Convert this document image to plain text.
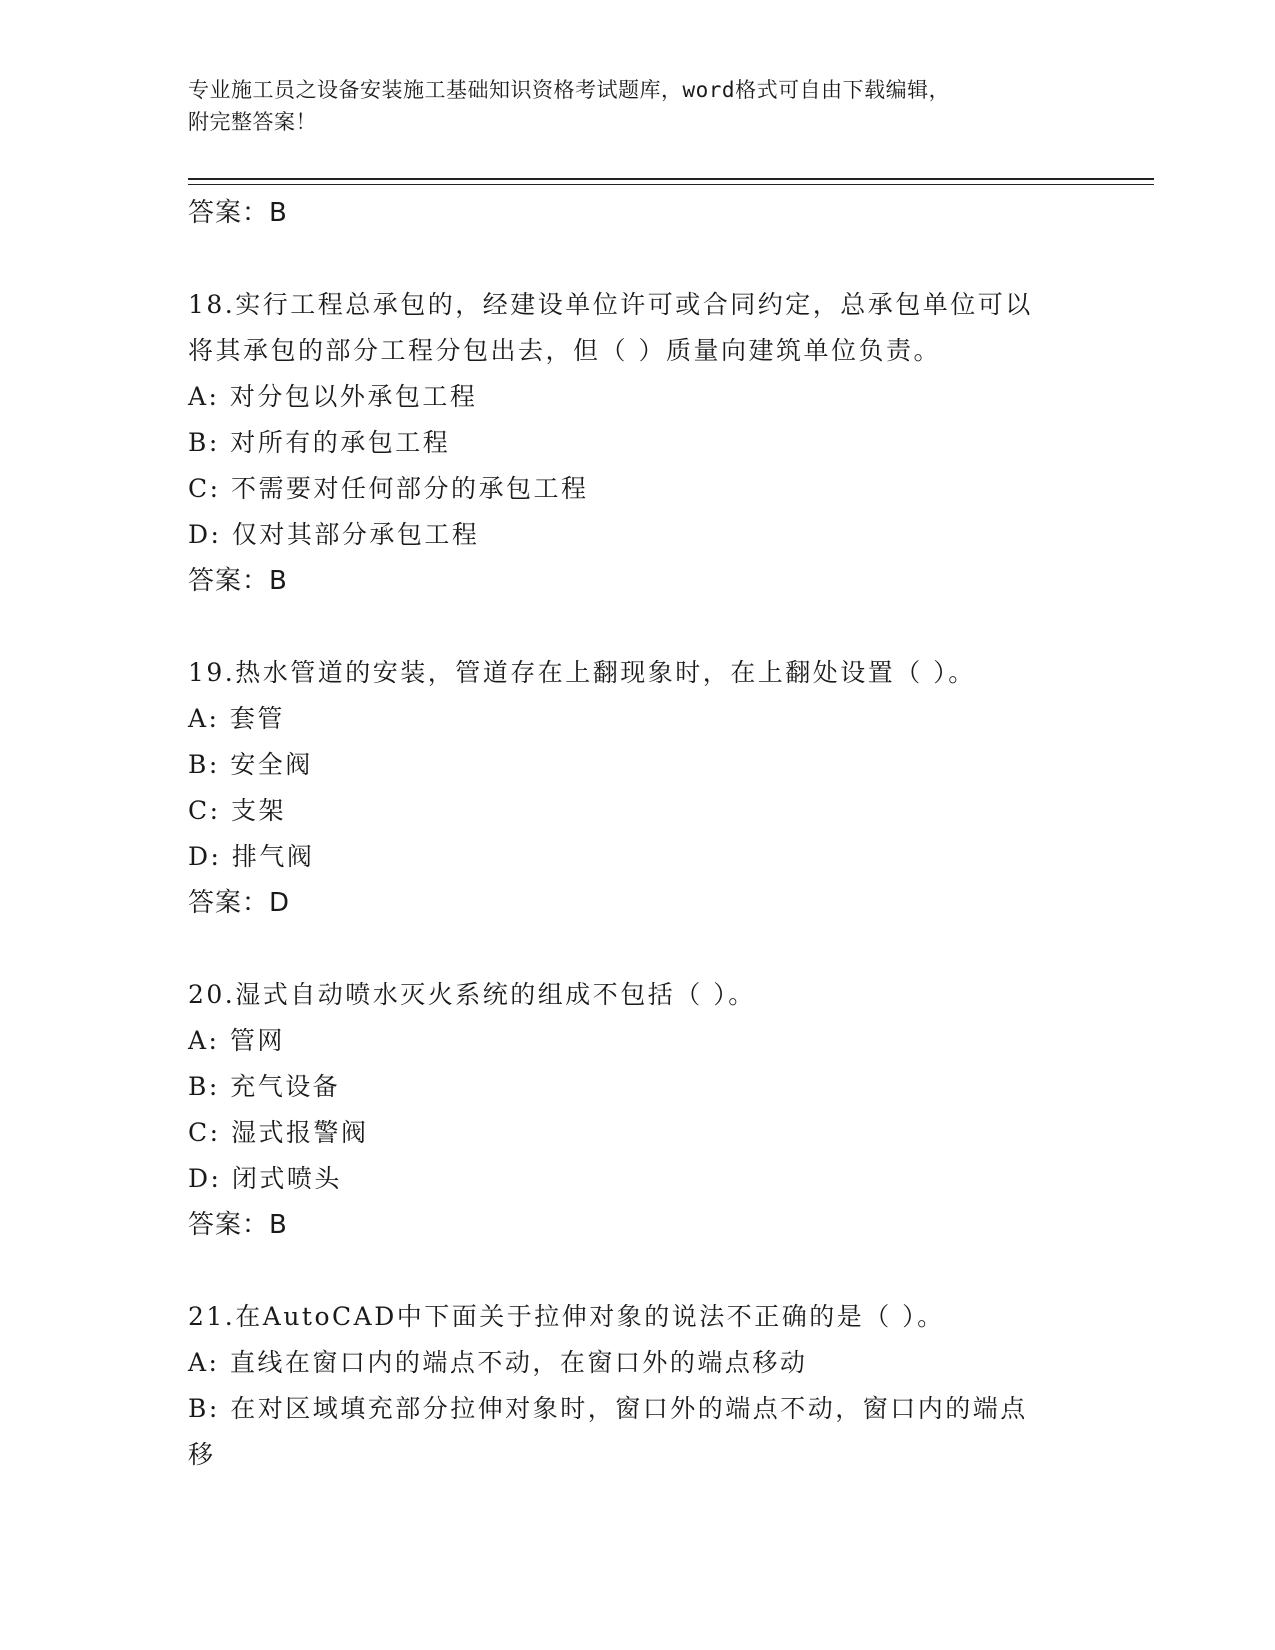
专业施工员之设备安装施工基础知识资格考试题库，word格式可自由下载编辑，
附完整答案！
答案：B
18.实行工程总承包的，经建设单位许可或合同约定，总承包单位可以
将其承包的部分工程分包出去，但（ ）质量向建筑单位负责。
A: 对分包以外承包工程
B: 对所有的承包工程
C: 不需要对任何部分的承包工程
D: 仅对其部分承包工程
答案：B
19.热水管道的安装，管道存在上翻现象时，在上翻处设置（ ）。
A: 套管
B: 安全阀
C: 支架
D: 排气阀
答案：D
20.湿式自动喷水灭火系统的组成不包括（ ）。
A: 管网
B: 充气设备
C: 湿式报警阀
D: 闭式喷头
答案：B
21.在AutoCAD中下面关于拉伸对象的说法不正确的是（ ）。
A: 直线在窗口内的端点不动，在窗口外的端点移动
B: 在对区域填充部分拉伸对象时，窗口外的端点不动，窗口内的端点
移
